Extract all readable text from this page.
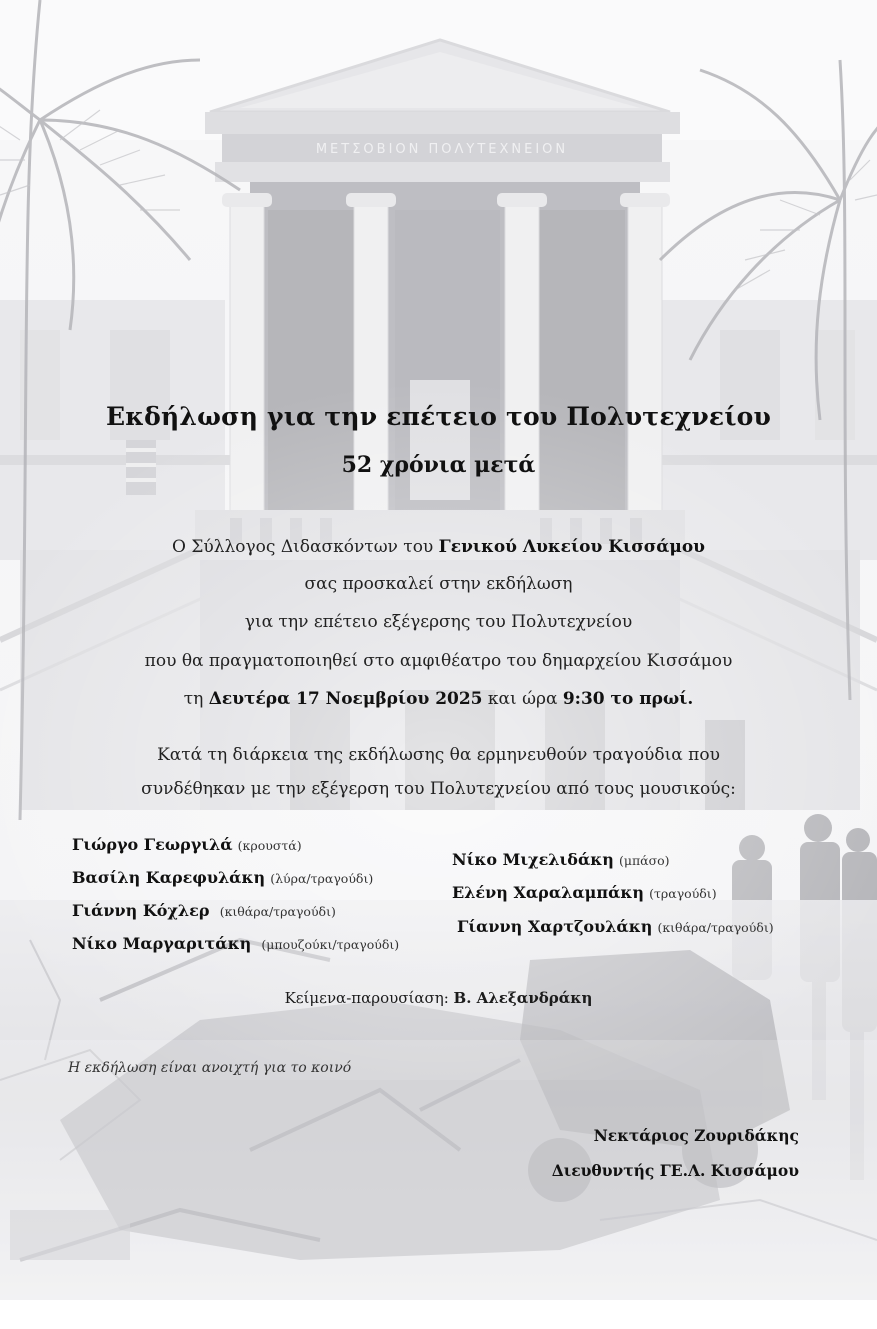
ΜΕΤΣΟΒΙΟΝ ΠΟΛΥΤΕΧΝΕΙΟΝ
Εκδήλωση για την επέτειο του Πολυτεχνείου
52 χρόνια μετά
Ο Σύλλογος Διδασκόντων του Γενικού Λυκείου Κισσάμου
σας προσκαλεί στην εκδήλωση
για την επέτειο εξέγερσης του Πολυτεχνείου
που θα πραγματοποιηθεί στο αμφιθέατρο του δημαρχείου Κισσάμου
τη Δευτέρα 17 Νοεμβρίου 2025 και ώρα 9:30 το πρωί.
Κατά τη διάρκεια της εκδήλωσης θα ερμηνευθούν τραγούδια που
συνδέθηκαν με την εξέγερση του Πολυτεχνείου από τους μουσικούς:
Γιώργο Γεωργιλά (κρουστά)
Βασίλη Καρεφυλάκη (λύρα/τραγούδι)
Γιάννη Κόχλερ (κιθάρα/τραγούδι)
Νίκο Μαργαριτάκη (μπουζούκι/τραγούδι)
Νίκο Μιχελιδάκη (μπάσο)
Ελένη Χαραλαμπάκη (τραγούδι)
Γίαννη Χαρτζουλάκη (κιθάρα/τραγούδι)
Κείμενα-παρουσίαση: Β. Αλεξανδράκη
Η εκδήλωση είναι ανοιχτή για το κοινό
Νεκτάριος Ζουριδάκης
Διευθυντής ΓΕ.Λ. Κισσάμου
